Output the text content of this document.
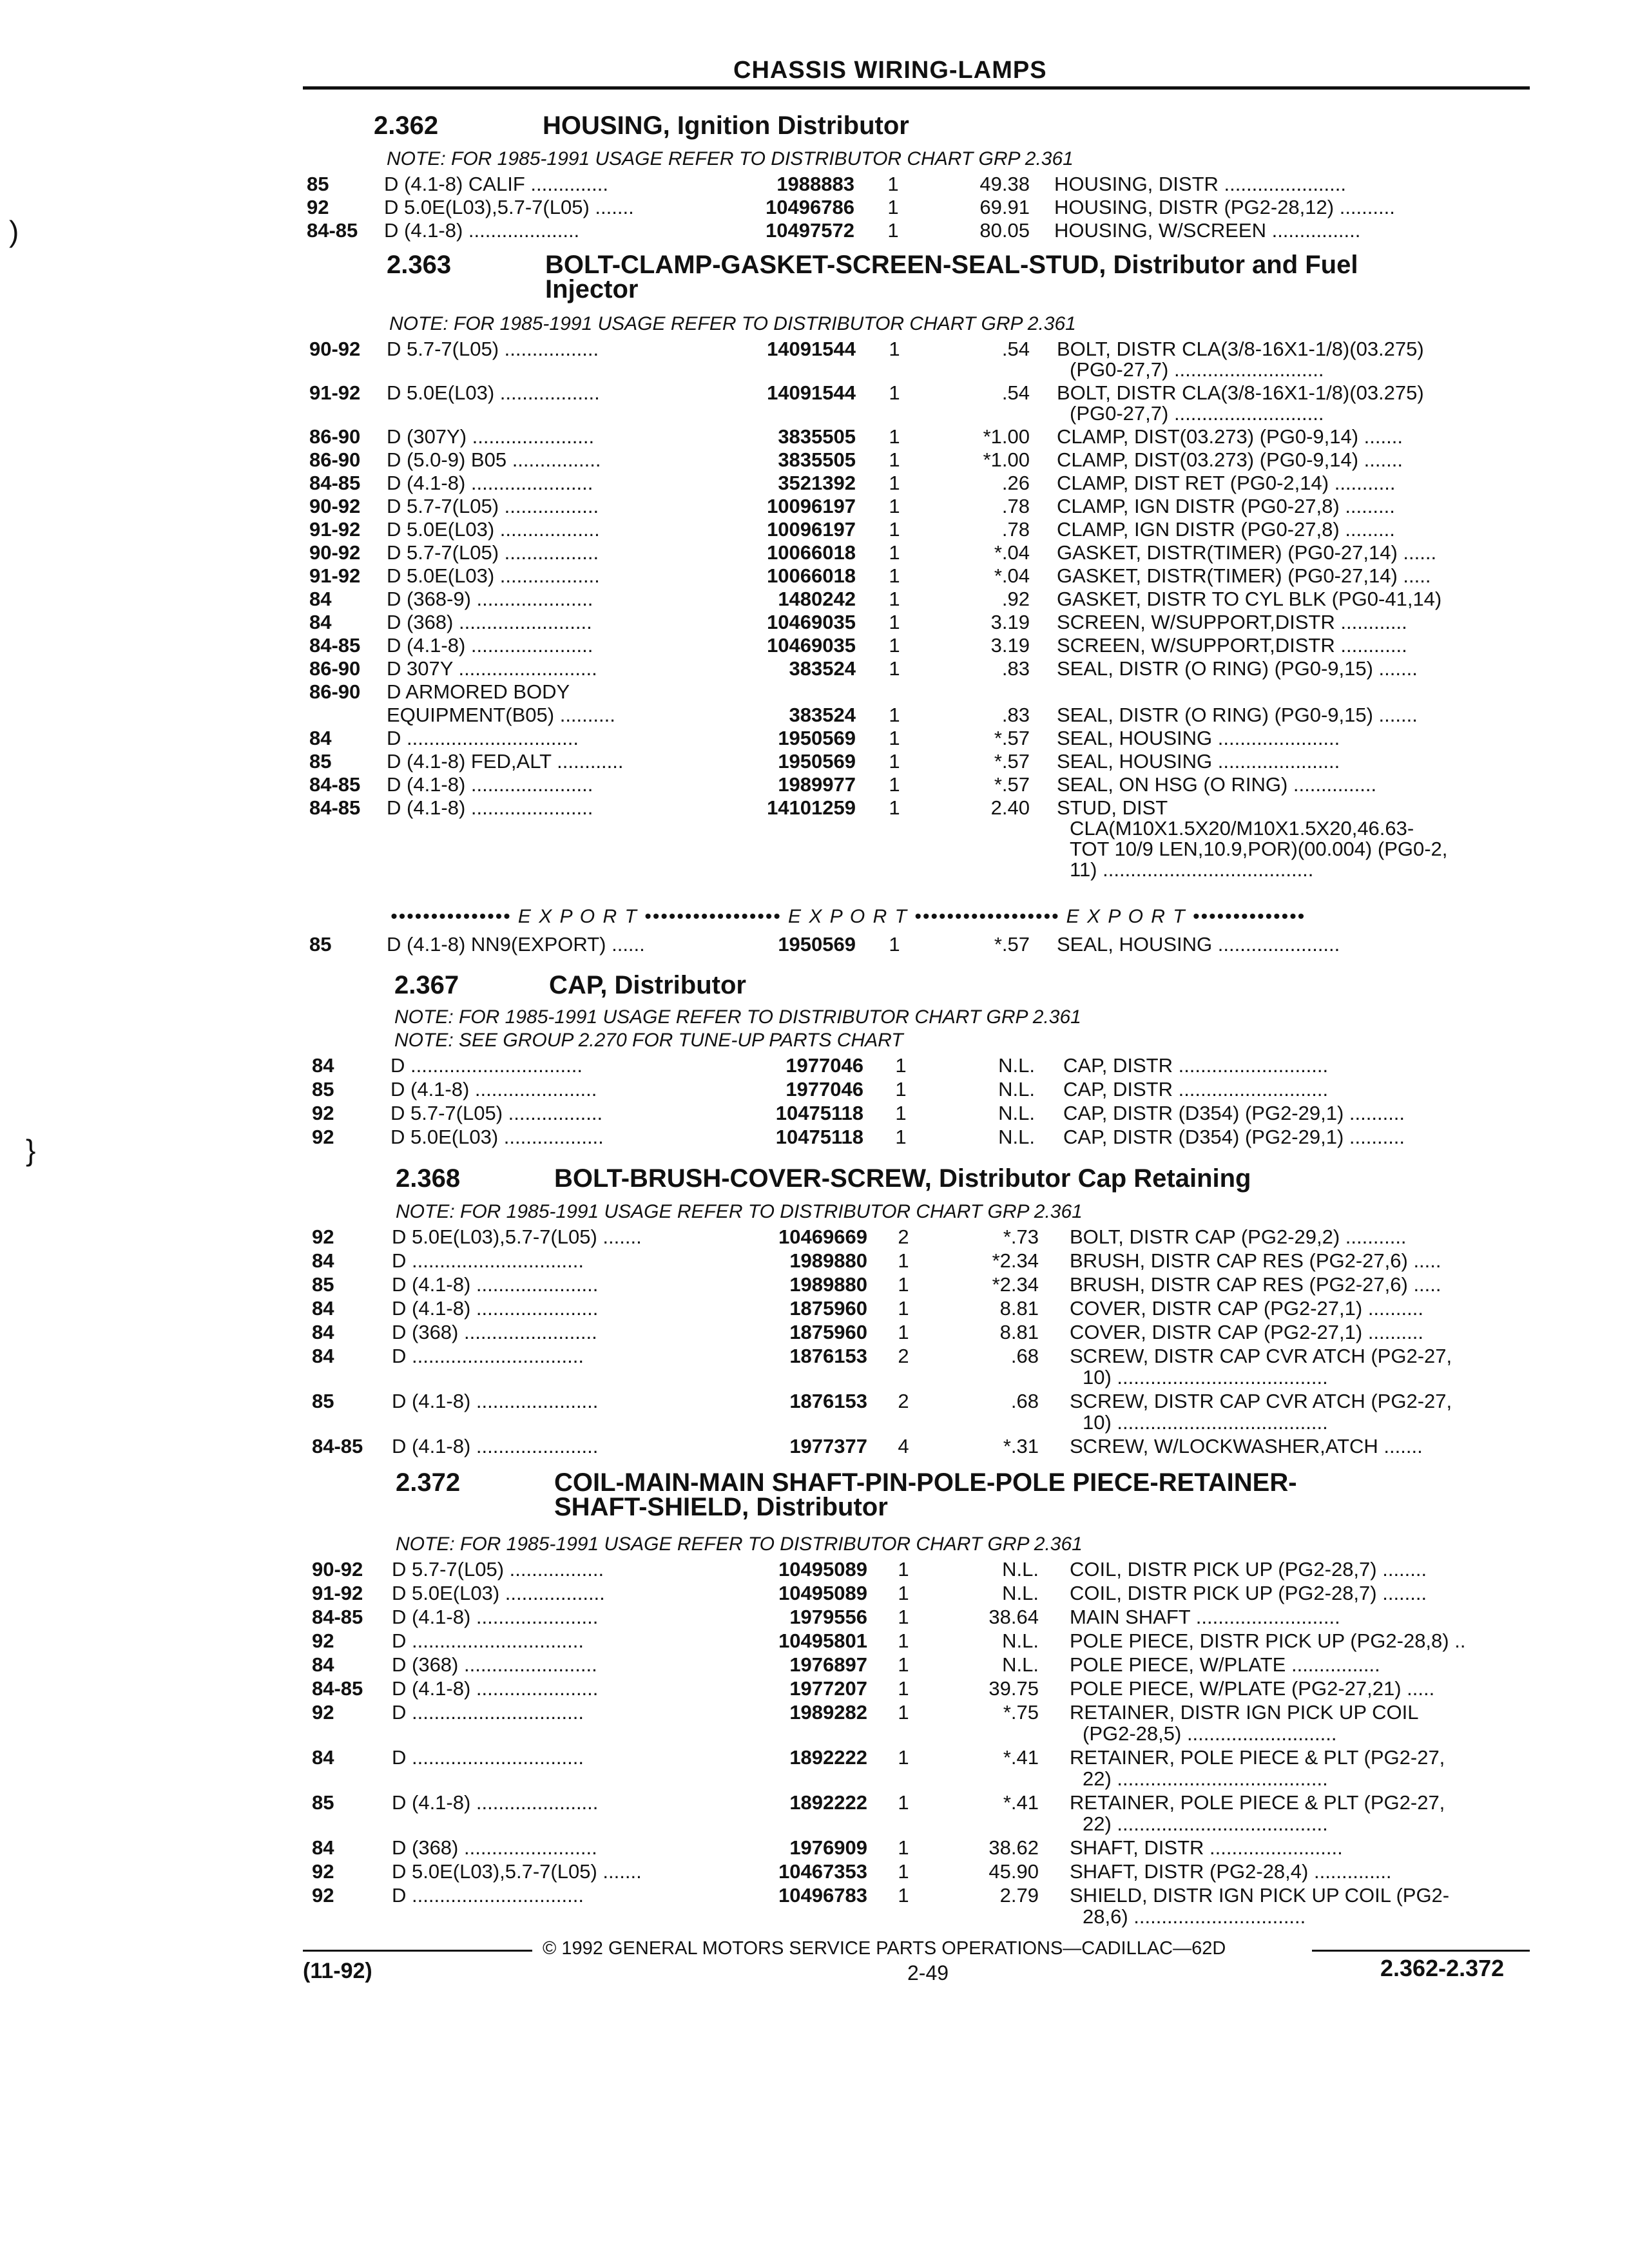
CHASSIS WIRING-LAMPS
)
}
2.362	HOUSING, Ignition Distributor
NOTE: FOR 1985-1991 USAGE REFER TO DISTRIBUTOR CHART GRP 2.361
85	D (4.1-8) CALIF ..............	1988883	1	49.38 HOUSING, DISTR ......................
92	D 5.0E(L03),5.7-7(L05) .......	10496786	1	69.91 HOUSING, DISTR (PG2-28,12) ..........
84-85 D (4.1-8) ....................	10497572	1	80.05 HOUSING, W/SCREEN ................
2.363	BOLT-CLAMP-GASKET-SCREEN-SEAL-STUD, Distributor and Fuel
Injector
NOTE: FOR 1985-1991 USAGE REFER TO DISTRIBUTOR CHART GRP 2.361
90-92 D 5.7-7(L05) .................	14091544	1	.54 BOLT, DISTR CLA(3/8-16X1-1/8)(03.275)
(PG0-27,7) ...........................
91-92 D 5.0E(L03) ..................	14091544	1	.54 BOLT, DISTR CLA(3/8-16X1-1/8)(03.275)
(PG0-27,7) ...........................
86-90 D (307Y) ......................	3835505	1	*1.00 CLAMP, DIST(03.273) (PG0-9,14) .......
86-90 D (5.0-9) B05 ................	3835505	1	*1.00 CLAMP, DIST(03.273) (PG0-9,14) .......
84-85 D (4.1-8) ......................	3521392	1	.26 CLAMP, DIST RET (PG0-2,14) ...........
90-92 D 5.7-7(L05) .................	10096197	1	.78 CLAMP, IGN DISTR (PG0-27,8) .........
91-92 D 5.0E(L03) ..................	10096197	1	.78 CLAMP, IGN DISTR (PG0-27,8) .........
90-92 D 5.7-7(L05) .................	10066018	1	*.04 GASKET, DISTR(TIMER) (PG0-27,14) ......
91-92 D 5.0E(L03) ..................	10066018	1	*.04 GASKET, DISTR(TIMER) (PG0-27,14) .....
84	D (368-9) .....................	1480242	1	.92 GASKET, DISTR TO CYL BLK (PG0-41,14)
84	D (368) ........................	10469035	1	3.19 SCREEN, W/SUPPORT,DISTR ............
84-85 D (4.1-8) ......................	10469035	1	3.19 SCREEN, W/SUPPORT,DISTR ............
86-90 D 307Y .........................	383524	1	.83 SEAL, DISTR (O RING) (PG0-9,15) .......
86-90 D ARMORED BODY
EQUIPMENT(B05) ..........	383524	1	.83 SEAL, DISTR (O RING) (PG0-9,15) .......
84	D ...............................	1950569	1	*.57 SEAL, HOUSING ......................
85	D (4.1-8) FED,ALT ............	1950569	1	*.57 SEAL, HOUSING ......................
84-85 D (4.1-8) ......................	1989977	1	*.57 SEAL, ON HSG (O RING) ...............
84-85 D (4.1-8) ......................	14101259	1	2.40 STUD, DIST
CLA(M10X1.5X20/M10X1.5X20,46.63-
TOT 10/9 LEN,10.9,POR)(00.004) (PG0-2,
11) ......................................
••••••••••••••• E X P O R T ••••••••••••••••• E X P O R T •••••••••••••••••• E X P O R T ••••••••••••••
85	D (4.1-8) NN9(EXPORT) ......	1950569	1	*.57 SEAL, HOUSING ......................
2.367	CAP, Distributor
NOTE: FOR 1985-1991 USAGE REFER TO DISTRIBUTOR CHART GRP 2.361
NOTE: SEE GROUP 2.270 FOR TUNE-UP PARTS CHART
84	D ...............................	1977046	1	N.L. CAP, DISTR ...........................
85	D (4.1-8) ......................	1977046	1	N.L. CAP, DISTR ...........................
92	D 5.7-7(L05) .................	10475118	1	N.L. CAP, DISTR (D354) (PG2-29,1) ..........
92	D 5.0E(L03) ..................	10475118	1	N.L. CAP, DISTR (D354) (PG2-29,1) ..........
2.368	BOLT-BRUSH-COVER-SCREW, Distributor Cap Retaining
NOTE: FOR 1985-1991 USAGE REFER TO DISTRIBUTOR CHART GRP 2.361
92	D 5.0E(L03),5.7-7(L05) .......	10469669	2	*.73 BOLT, DISTR CAP (PG2-29,2) ...........
84	D ...............................	1989880	1	*2.34 BRUSH, DISTR CAP RES (PG2-27,6) .....
85	D (4.1-8) ......................	1989880	1	*2.34 BRUSH, DISTR CAP RES (PG2-27,6) .....
84	D (4.1-8) ......................	1875960	1	8.81 COVER, DISTR CAP (PG2-27,1) ..........
84	D (368) ........................	1875960	1	8.81 COVER, DISTR CAP (PG2-27,1) ..........
84	D ...............................	1876153	2	.68 SCREW, DISTR CAP CVR ATCH (PG2-27,
10) ......................................
85	D (4.1-8) ......................	1876153	2	.68 SCREW, DISTR CAP CVR ATCH (PG2-27,
10) ......................................
84-85 D (4.1-8) ......................	1977377	4	*.31 SCREW, W/LOCKWASHER,ATCH .......
2.372	COIL-MAIN-MAIN SHAFT-PIN-POLE-POLE PIECE-RETAINER-
SHAFT-SHIELD, Distributor
NOTE: FOR 1985-1991 USAGE REFER TO DISTRIBUTOR CHART GRP 2.361
90-92 D 5.7-7(L05) .................	10495089	1	N.L. COIL, DISTR PICK UP (PG2-28,7) ........
91-92 D 5.0E(L03) ..................	10495089	1	N.L. COIL, DISTR PICK UP (PG2-28,7) ........
84-85 D (4.1-8) ......................	1979556	1	38.64 MAIN SHAFT ..........................
92	D ...............................	10495801	1	N.L. POLE PIECE, DISTR PICK UP (PG2-28,8) ..
84	D (368) ........................	1976897	1	N.L. POLE PIECE, W/PLATE ................
84-85 D (4.1-8) ......................	1977207	1	39.75 POLE PIECE, W/PLATE (PG2-27,21) .....
92	D ...............................	1989282	1	*.75 RETAINER, DISTR IGN PICK UP COIL
(PG2-28,5) ...........................
84	D ...............................	1892222	1	*.41 RETAINER, POLE PIECE & PLT (PG2-27,
22) ......................................
85	D (4.1-8) ......................	1892222	1	*.41 RETAINER, POLE PIECE & PLT (PG2-27,
22) ......................................
84	D (368) ........................	1976909	1	38.62 SHAFT, DISTR ........................
92	D 5.0E(L03),5.7-7(L05) .......	10467353	1	45.90 SHAFT, DISTR (PG2-28,4) ..............
92	D ...............................	10496783	1	2.79 SHIELD, DISTR IGN PICK UP COIL (PG2-
28,6) ...............................
© 1992 GENERAL MOTORS SERVICE PARTS OPERATIONS—CADILLAC—62D
(11-92)	2-49	2.362-2.372
